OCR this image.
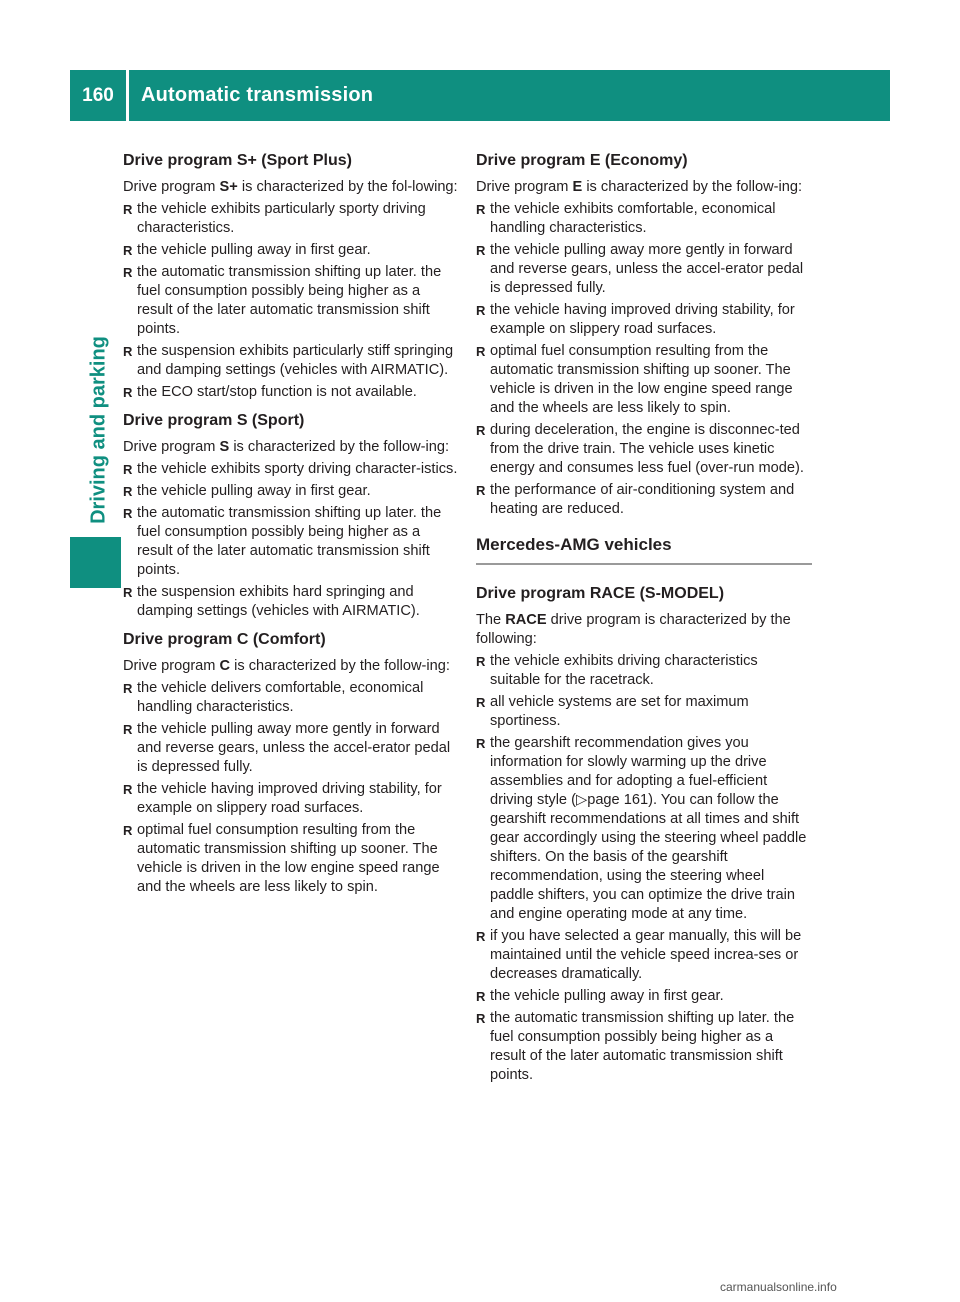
160	Automatic transmission
Driving and parking
Drive program S+ (Sport Plus)

Drive program S+ is characterized by the fol-lowing:

R the vehicle exhibits particularly sporty driving characteristics.
R the vehicle pulling away in first gear.
R the automatic transmission shifting up later. the fuel consumption possibly being higher as a result of the later automatic transmission shift points.
R the suspension exhibits particularly stiff springing and damping settings (vehicles with AIRMATIC).
R the ECO start/stop function is not available.
Drive program S (Sport)

Drive program S is characterized by the follow-ing:

R the vehicle exhibits sporty driving character-istics.
R the vehicle pulling away in first gear.
R the automatic transmission shifting up later. the fuel consumption possibly being higher as a result of the later automatic transmission shift points.
R the suspension exhibits hard springing and damping settings (vehicles with AIRMATIC).
Drive program C (Comfort)

Drive program C is characterized by the follow-ing:

R the vehicle delivers comfortable, economical handling characteristics.
R the vehicle pulling away more gently in forward and reverse gears, unless the accel-erator pedal is depressed fully.
R the vehicle having improved driving stability, for example on slippery road surfaces.
R optimal fuel consumption resulting from the automatic transmission shifting up sooner. The vehicle is driven in the low engine speed range and the wheels are less likely to spin.
Drive program E (Economy)

Drive program E is characterized by the follow-ing:

R the vehicle exhibits comfortable, economical handling characteristics.
R the vehicle pulling away more gently in forward and reverse gears, unless the accel-erator pedal is depressed fully.
R the vehicle having improved driving stability, for example on slippery road surfaces.
R optimal fuel consumption resulting from the automatic transmission shifting up sooner. The vehicle is driven in the low engine speed range and the wheels are less likely to spin.
R during deceleration, the engine is disconnec-ted from the drive train. The vehicle uses kinetic energy and consumes less fuel (over-run mode).
R the performance of air-conditioning system and heating are reduced.
Mercedes-AMG vehicles
Drive program RACE (S-MODEL)

The RACE drive program is characterized by the following:

R the vehicle exhibits driving characteristics suitable for the racetrack.
R all vehicle systems are set for maximum sportiness.
R the gearshift recommendation gives you information for slowly warming up the drive assemblies and for adopting a fuel-efficient driving style (▷page 161). You can follow the gearshift recommendations at all times and shift gear accordingly using the steering wheel paddle shifters. On the basis of the gearshift recommendation, using the steering wheel paddle shifters, you can optimize the drive train and engine operating mode at any time.
R if you have selected a gear manually, this will be maintained until the vehicle speed increa-ses or decreases dramatically.
R the vehicle pulling away in first gear.
R the automatic transmission shifting up later. the fuel consumption possibly being higher as a result of the later automatic transmission shift points.
carmanualsonline.info
